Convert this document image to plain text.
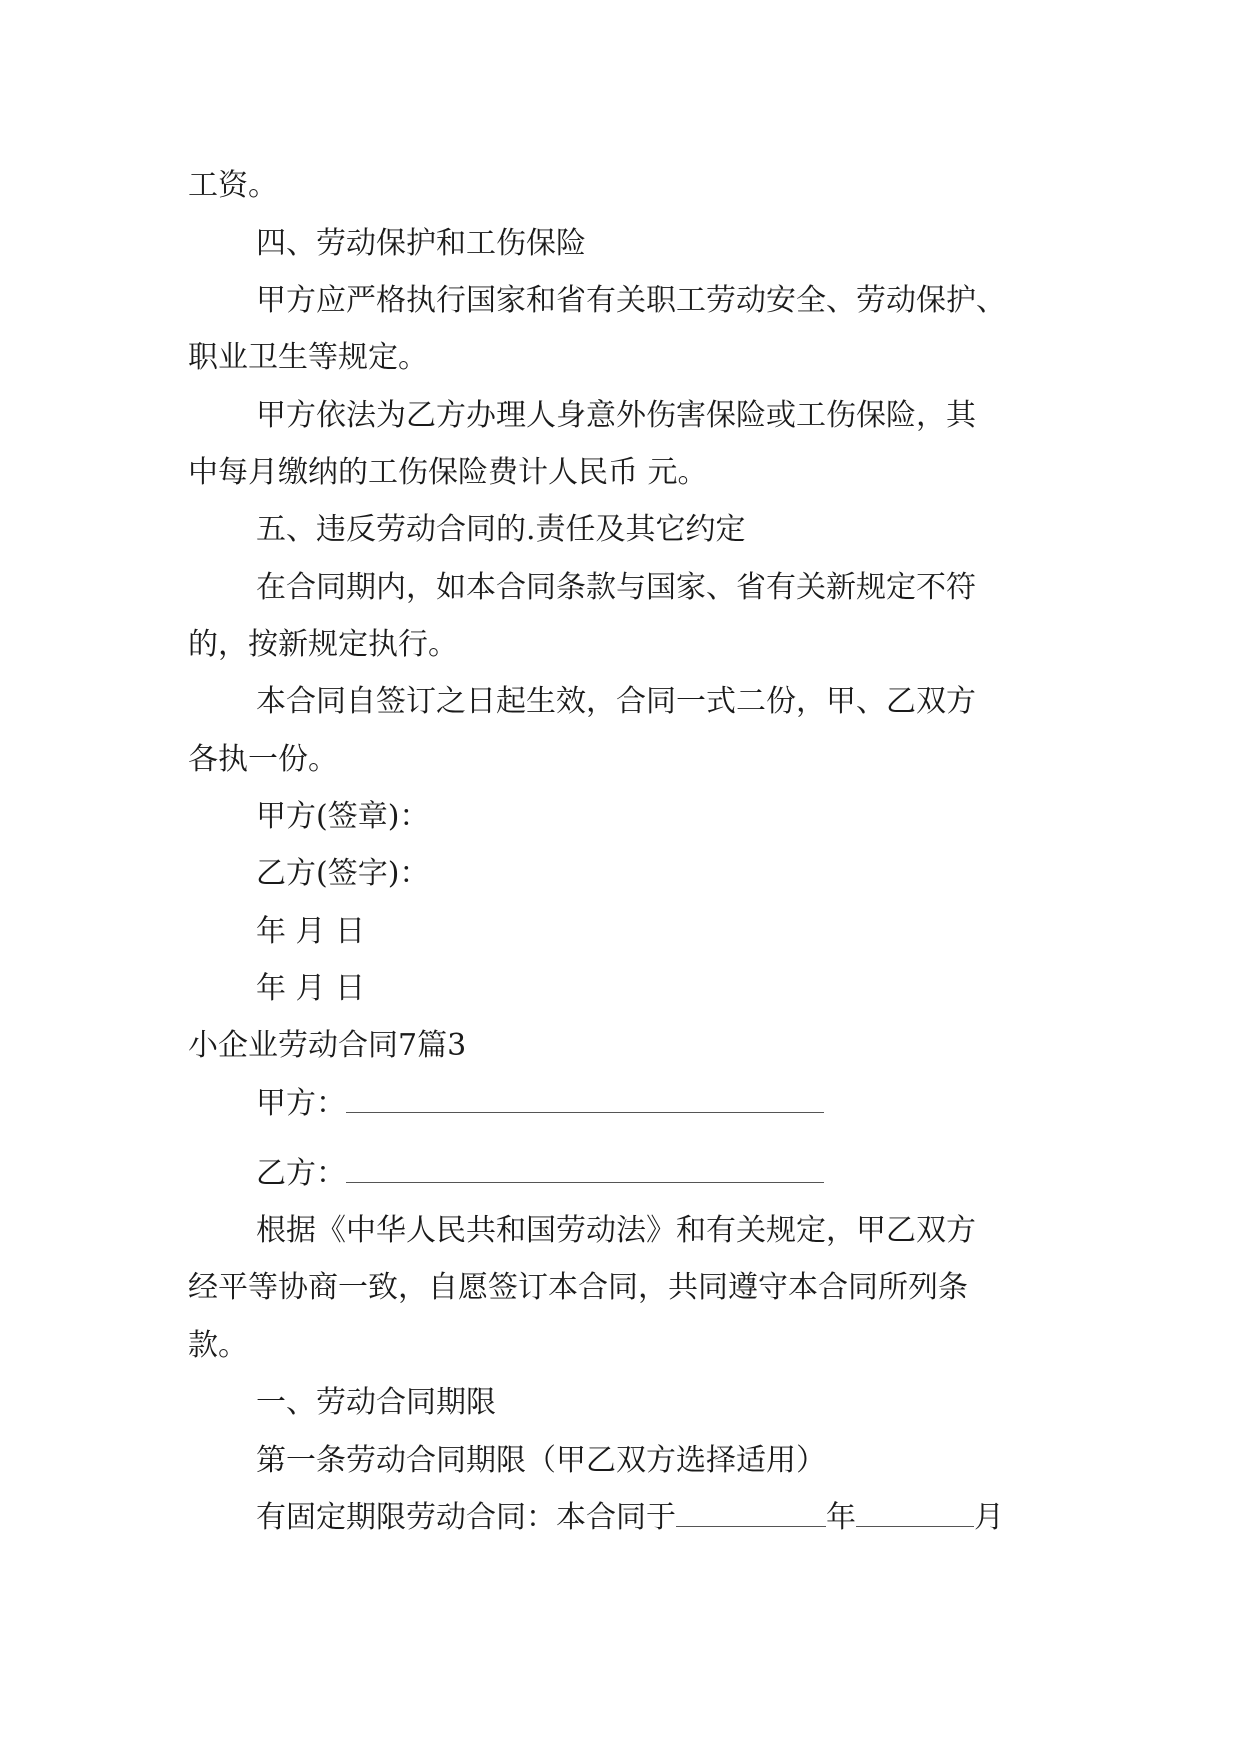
工资。
四、劳动保护和工伤保险
甲方应严格执行国家和省有关职工劳动安全、劳动保护、
职业卫生等规定。
甲方依法为乙方办理人身意外伤害保险或工伤保险，其
中每月缴纳的工伤保险费计人民币 元。
五、违反劳动合同的.责任及其它约定
在合同期内，如本合同条款与国家、省有关新规定不符
的，按新规定执行。
本合同自签订之日起生效，合同一式二份，甲、乙双方
各执一份。
甲方(签章)：
乙方(签字)：
年 月 日
年 月 日
小企业劳动合同7篇3
甲方：
乙方：
根据《中华人民共和国劳动法》和有关规定，甲乙双方
经平等协商一致，自愿签订本合同，共同遵守本合同所列条
款。
一、劳动合同期限
第一条劳动合同期限（甲乙双方选择适用）
有固定期限劳动合同：本合同于	年	月
